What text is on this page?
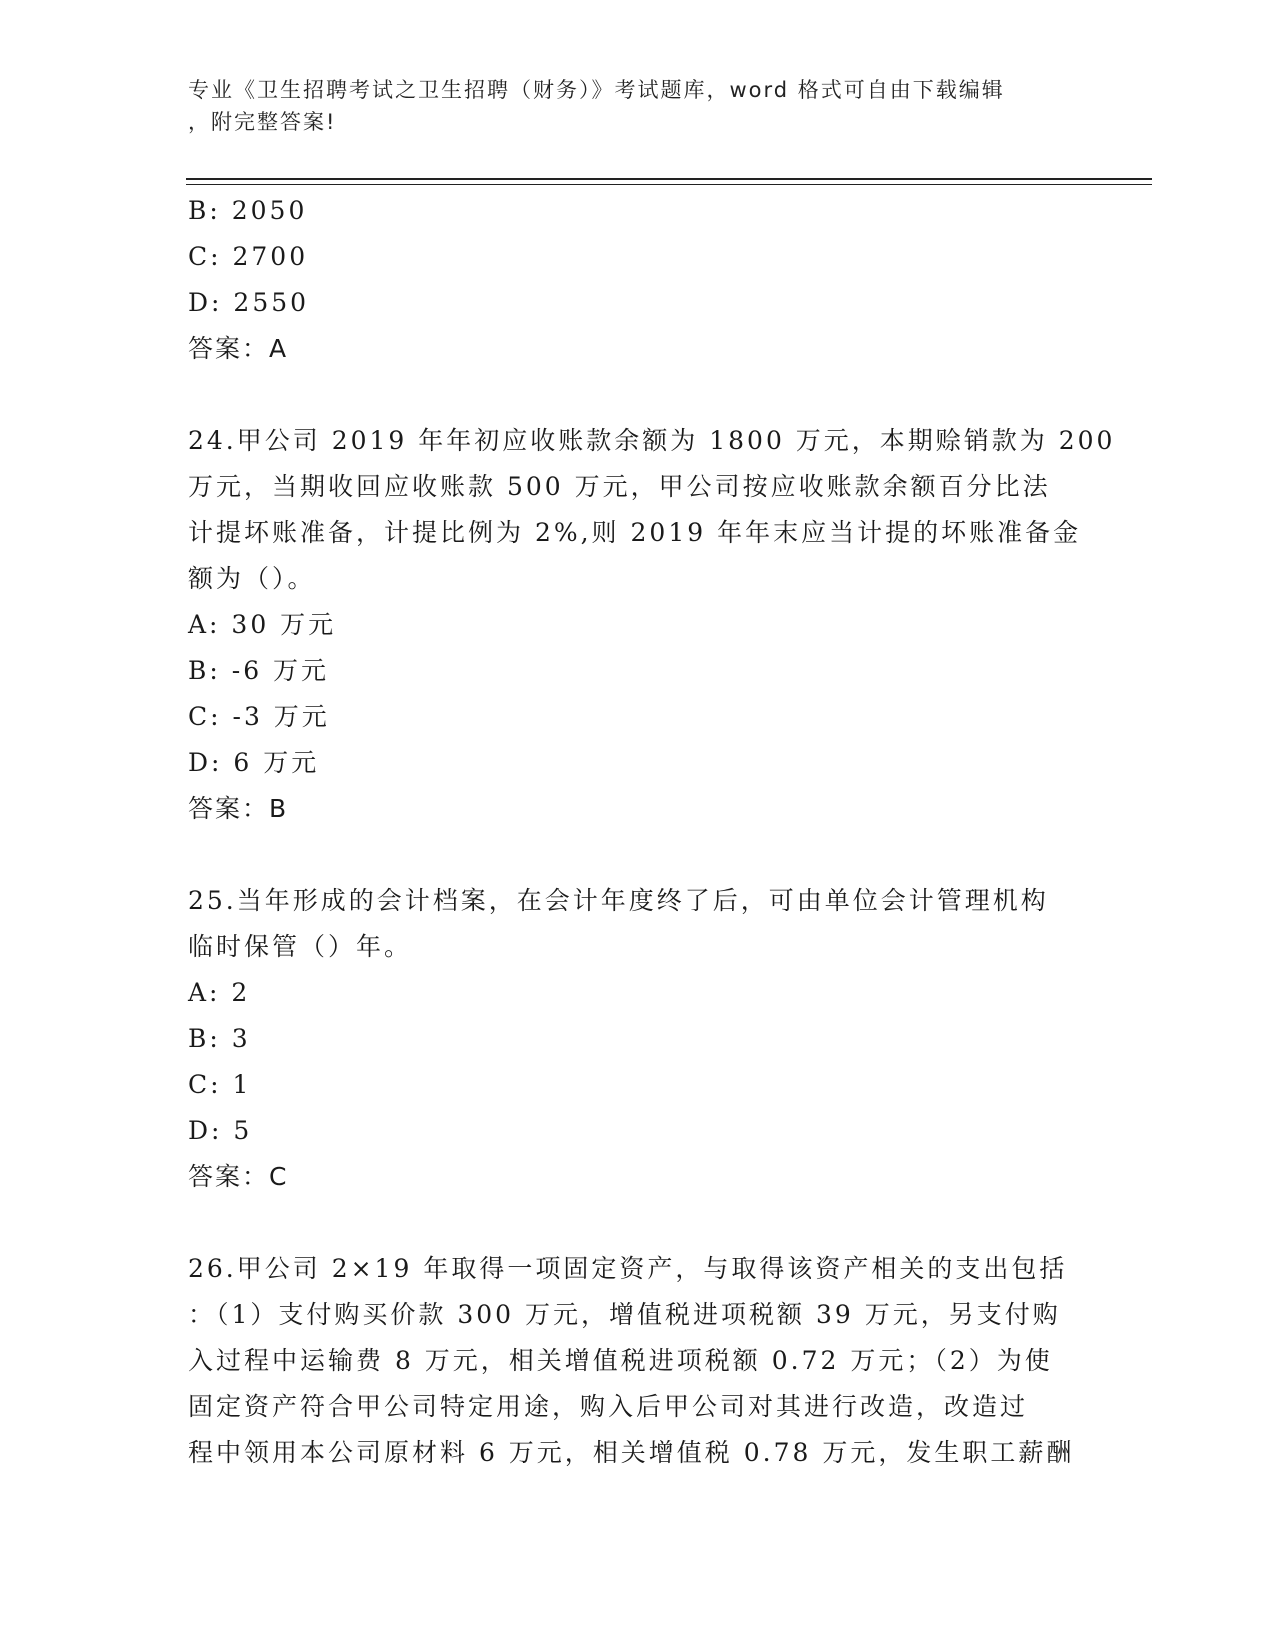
专业《卫生招聘考试之卫生招聘（财务）》考试题库，word 格式可自由下载编辑
，附完整答案!
B: 2050
C: 2700
D: 2550
答案：A
24.甲公司 2019 年年初应收账款余额为 1800 万元，本期赊销款为 200
万元，当期收回应收账款 500 万元，甲公司按应收账款余额百分比法
计提坏账准备，计提比例为 2%,则 2019 年年末应当计提的坏账准备金
额为（）。
A: 30 万元
B: -6 万元
C: -3 万元
D: 6 万元
答案：B
25.当年形成的会计档案，在会计年度终了后，可由单位会计管理机构
临时保管（）年。
A: 2
B: 3
C: 1
D: 5
答案：C
26.甲公司 2×19 年取得一项固定资产，与取得该资产相关的支出包括
：（1）支付购买价款 300 万元，增值税进项税额 39 万元，另支付购
入过程中运输费 8 万元，相关增值税进项税额 0.72 万元；（2）为使
固定资产符合甲公司特定用途，购入后甲公司对其进行改造，改造过
程中领用本公司原材料 6 万元，相关增值税 0.78 万元，发生职工薪酬
